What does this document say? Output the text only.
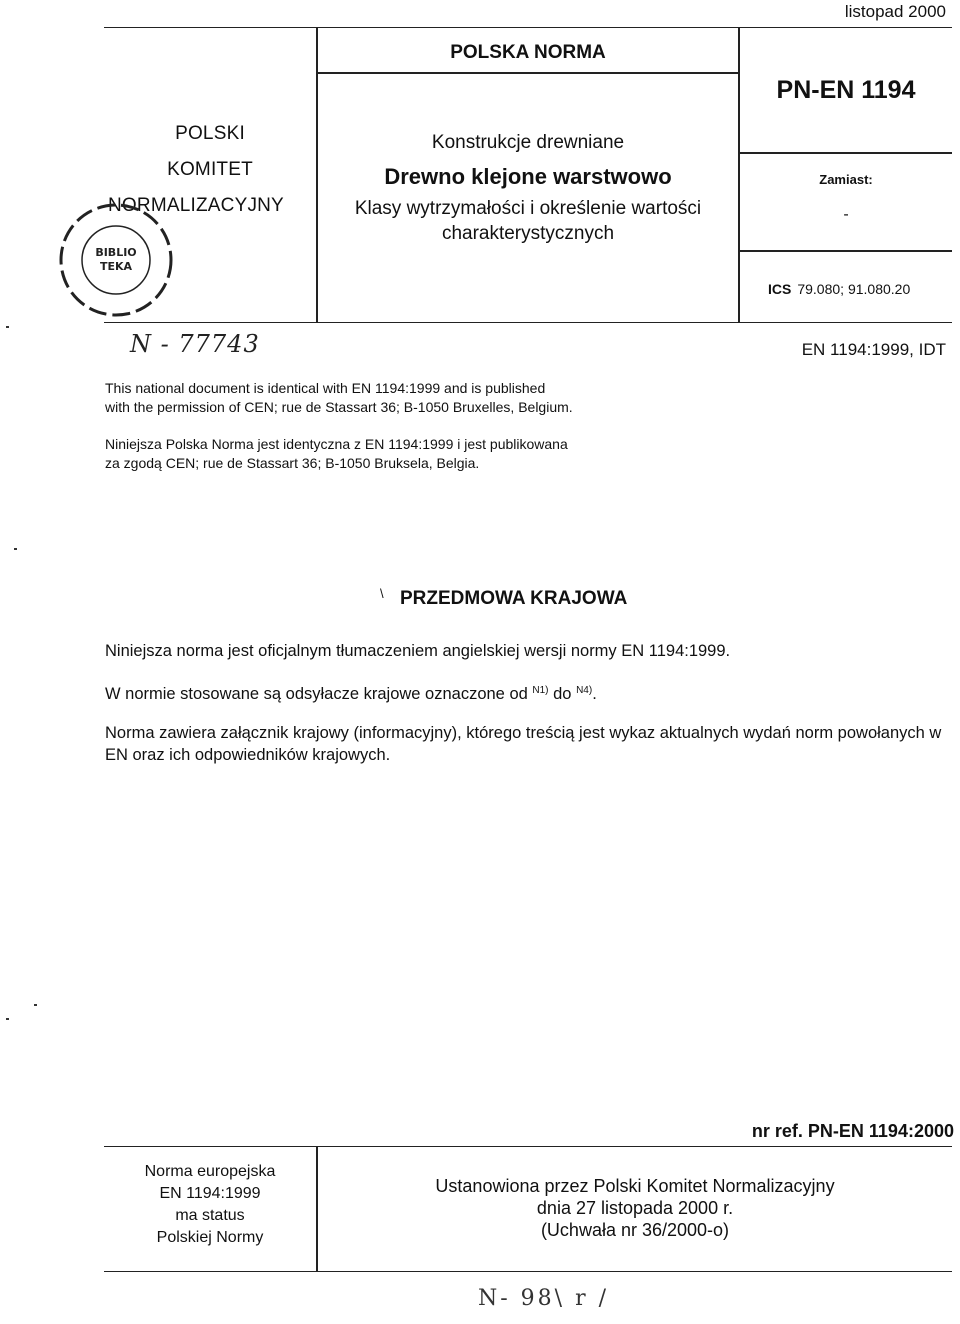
listopad 2000
POLSKI
KOMITET
NORMALIZACYJNY
POLSKA NORMA
Konstrukcje drewniane
Drewno klejone warstwowo
Klasy wytrzymałości i określenie wartości
charakterystycznych
PN-EN 1194
Zamiast:
-
ICS 79.080; 91.080.20
BIBLIO
TEKA
N - 77743	EN 1194:1999, IDT
This national document is identical with EN 1194:1999 and is published
with the permission of CEN; rue de Stassart 36; B-1050 Bruxelles, Belgium.
Niniejsza Polska Norma jest identyczna z EN 1194:1999 i jest publikowana
za zgodą CEN; rue de Stassart 36; B-1050 Bruksela, Belgia.
\ PRZEDMOWA KRAJOWA
Niniejsza norma jest oficjalnym tłumaczeniem angielskiej wersji normy EN 1194:1999.
W normie stosowane są odsyłacze krajowe oznaczone od $^{N1)}$ do $^{N4)}$.
Norma zawiera załącznik krajowy (informacyjny), którego treścią jest wykaz aktualnych wydań norm powołanych w EN oraz ich odpowiedników krajowych.
nr ref. PN-EN 1194:2000
Norma europejska
EN 1194:1999
ma status
Polskiej Normy
Ustanowiona przez Polski Komitet Normalizacyjny
dnia 27 listopada 2000 r.
(Uchwała nr 36/2000-o)
N- 98\ r /
